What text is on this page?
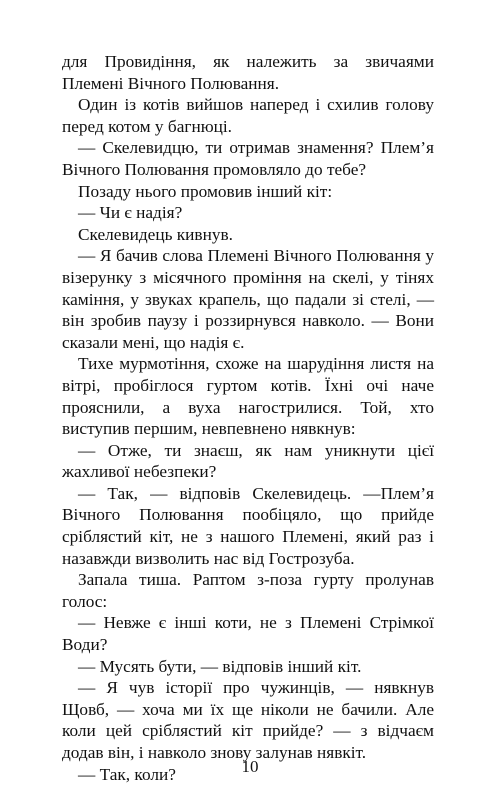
для Провидіння, як належить за звичаями Племені Вічного Полювання.

Один із котів вийшов наперед і схилив голову перед котом у багнюці.

— Скелевидцю, ти отримав знамення? Плем’я Вічного Полювання промовляло до тебе?

Позаду нього промовив інший кіт:

— Чи є надія?

Скелевидець кивнув.

— Я бачив слова Племені Вічного Полювання у візерунку з місячного проміння на скелі, у тінях каміння, у звуках крапель, що падали зі стелі, — він зробив паузу і роззирнувся навколо. — Вони сказали мені, що надія є.

Тихе мурмотіння, схоже на шарудіння листя на вітрі, пробіглося гуртом котів. Їхні очі наче прояснили, а вуха нагострилися. Той, хто виступив першим, невпевнено нявкнув:

— Отже, ти знаєш, як нам уникнути цієї жахливої небезпеки?

— Так, — відповів Скелевидець. —Плем’я Вічного Полювання пообіцяло, що прийде сріблястий кіт, не з нашого Племені, який раз і назавжди визволить нас від Гострозуба.

Запала тиша. Раптом з-поза гурту пролунав голос:

— Невже є інші коти, не з Племені Стрімкої Води?

— Мусять бути, — відповів інший кіт.

— Я чув історії про чужинців, — нявкнув Щовб, — хоча ми їх ще ніколи не бачили. Але коли цей сріблястий кіт прийде? — з відчаєм додав він, і навколо знову залунав нявкіт.

— Так, коли?	10
